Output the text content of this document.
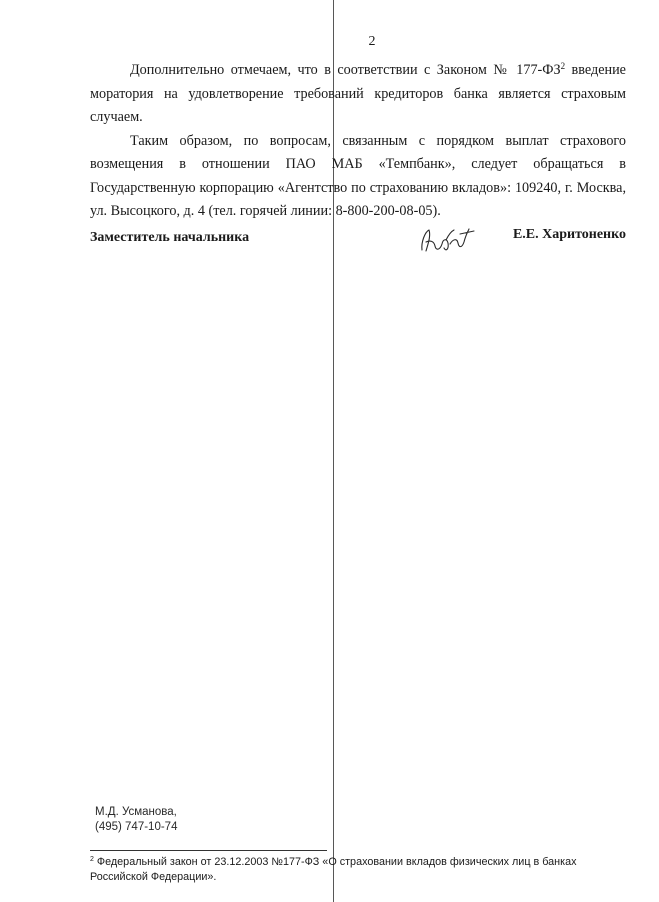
2

Дополнительно отмечаем, что в соответствии с Законом № $177-ФЗ^2$ введение моратория на удовлетворение требований кредиторов банка является страховым случаем.

Таким образом, по вопросам, связанным с порядком выплат страхового возмещения в отношении ПАО МАБ «Темпбанк», следует обращаться в Государственную корпорацию «Агентство по страхованию вкладов»: 109240, г. Москва, ул. Высоцкого, д. 4 (тел. горячей линии: 8-800-200-08-05).

Заместитель начальника	Е.Е. Харитоненко
М.Д. Усманова,
(495) 747-10-74
$^2$ Федеральный закон от 23.12.2003 №177-ФЗ «О страховании вкладов физических лиц в банках Российской Федерации».
